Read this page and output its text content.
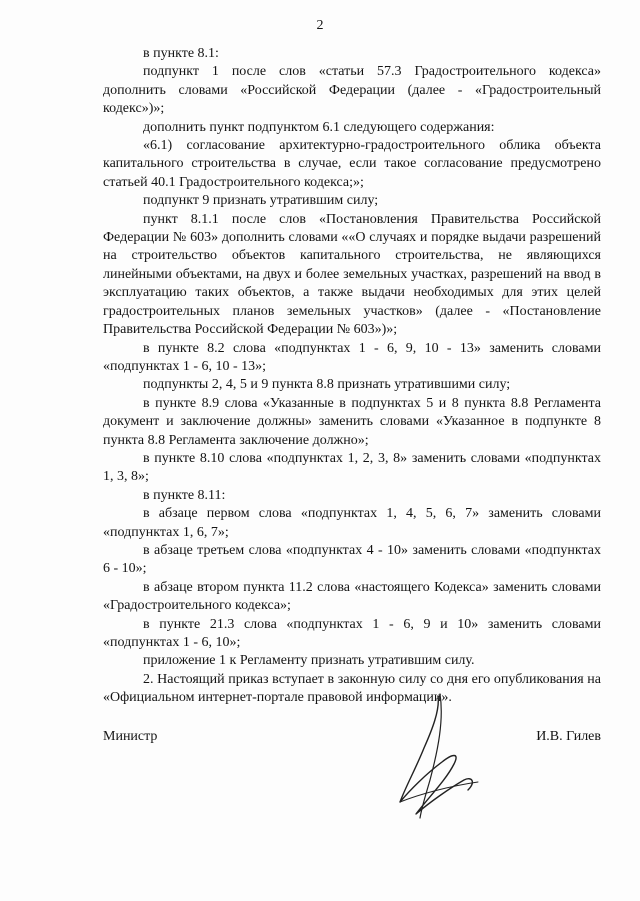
2

в пункте 8.1:

подпункт 1 после слов «статьи 57.3 Градостроительного кодекса» дополнить словами «Российской Федерации (далее - «Градостроительный кодекс»)»;

дополнить пункт подпунктом 6.1 следующего содержания:

«6.1) согласование архитектурно-градостроительного облика объекта капитального строительства в случае, если такое согласование предусмотрено статьей 40.1 Градостроительного кодекса;»;

подпункт 9 признать утратившим силу;

пункт 8.1.1 после слов «Постановления Правительства Российской Федерации № 603» дополнить словами ««О случаях и порядке выдачи разрешений на строительство объектов капитального строительства, не являющихся линейными объектами, на двух и более земельных участках, разрешений на ввод в эксплуатацию таких объектов, а также выдачи необходимых для этих целей градостроительных планов земельных участков» (далее - «Постановление Правительства Российской Федерации № 603»)»;

в пункте 8.2 слова «подпунктах 1 - 6, 9, 10 - 13» заменить словами «подпунктах 1 - 6, 10 - 13»;

подпункты 2, 4, 5 и 9 пункта 8.8 признать утратившими силу;

в пункте 8.9 слова «Указанные в подпунктах 5 и 8 пункта 8.8 Регламента документ и заключение должны» заменить словами «Указанное в подпункте 8 пункта 8.8 Регламента заключение должно»;

в пункте 8.10 слова «подпунктах 1, 2, 3, 8» заменить словами «подпунктах 1, 3, 8»;

в пункте 8.11:

в абзаце первом слова «подпунктах 1, 4, 5, 6, 7» заменить словами «подпунктах 1, 6, 7»;

в абзаце третьем слова «подпунктах 4 - 10» заменить словами «подпунктах 6 - 10»;

в абзаце втором пункта 11.2 слова «настоящего Кодекса» заменить словами «Градостроительного кодекса»;

в пункте 21.3 слова «подпунктах 1 - 6, 9 и 10» заменить словами «подпунктах 1 - 6, 10»;

приложение 1 к Регламенту признать утратившим силу.

2. Настоящий приказ вступает в законную силу со дня его опубликования на «Официальном интернет-портале правовой информации».

Министр	И.В. Гилев
